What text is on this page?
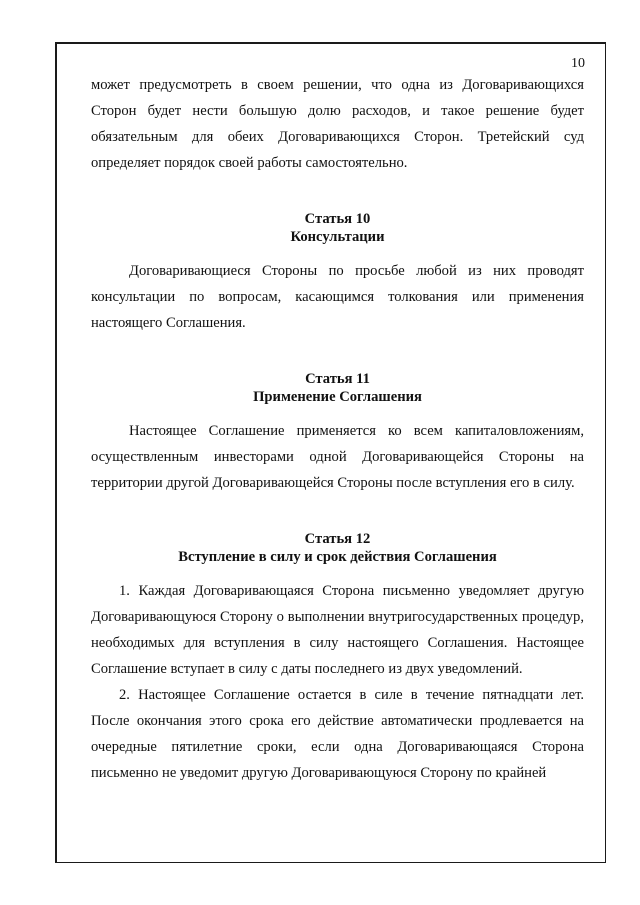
10

может предусмотреть в своем решении, что одна из Договаривающихся Сторон будет нести большую долю расходов, и такое решение будет обязательным для обеих Договаривающихся Сторон. Третейский суд определяет порядок своей работы самостоятельно.

Статья 10
Консультации

Договаривающиеся Стороны по просьбе любой из них проводят консультации по вопросам, касающимся толкования или применения настоящего Соглашения.

Статья 11
Применение Соглашения

Настоящее Соглашение применяется ко всем капиталовложениям, осуществленным инвесторами одной Договаривающейся Стороны на территории другой Договаривающейся Стороны после вступления его в силу.

Статья 12
Вступление в силу и срок действия Соглашения

1. Каждая Договаривающаяся Сторона письменно уведомляет другую Договаривающуюся Сторону о выполнении внутригосударственных процедур, необходимых для вступления в силу настоящего Соглашения. Настоящее Соглашение вступает в силу с даты последнего из двух уведомлений.

2. Настоящее Соглашение остается в силе в течение пятнадцати лет. После окончания этого срока его действие автоматически продлевается на очередные пятилетние сроки, если одна Договаривающаяся Сторона письменно не уведомит другую Договаривающуюся Сторону по крайней
